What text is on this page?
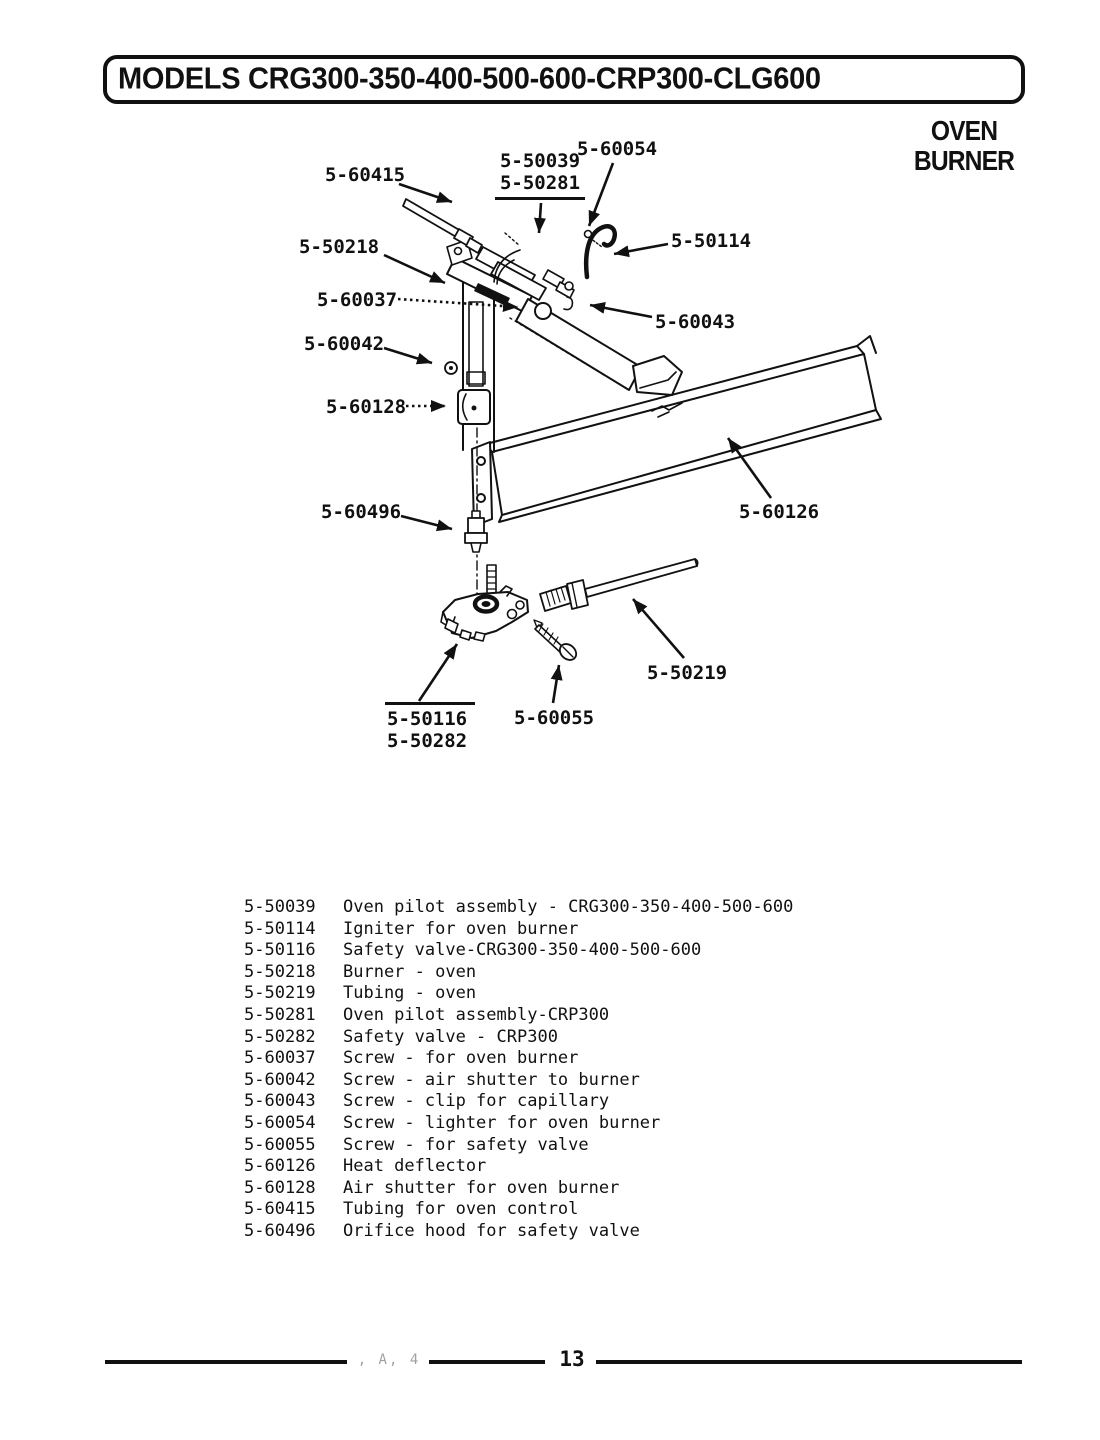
MODELS CRG300-350-400-500-600-CRP300-CLG600
OVEN
BURNER
5-60415
5-50039
5-50281
5-60054
5-50114
5-50218
5-60037
5-60043
5-60042
5-60128
5-60496	5-60126
5-50219
5-50116
5-50282
5-60055
5-50039	Oven pilot assembly - CRG300-350-400-500-600
5-50114	Igniter for oven burner
5-50116	Safety valve-CRG300-350-400-500-600
5-50218	Burner - oven
5-50219	Tubing - oven
5-50281	Oven pilot assembly-CRP300
5-50282	Safety valve - CRP300
5-60037	Screw - for oven burner
5-60042	Screw - air shutter to burner
5-60043	Screw - clip for capillary
5-60054	Screw - lighter for oven burner
5-60055	Screw - for safety valve
5-60126	Heat deflector
5-60128	Air shutter for oven burner
5-60415	Tubing for oven control
5-60496	Orifice hood for safety valve
, A, 4	13
